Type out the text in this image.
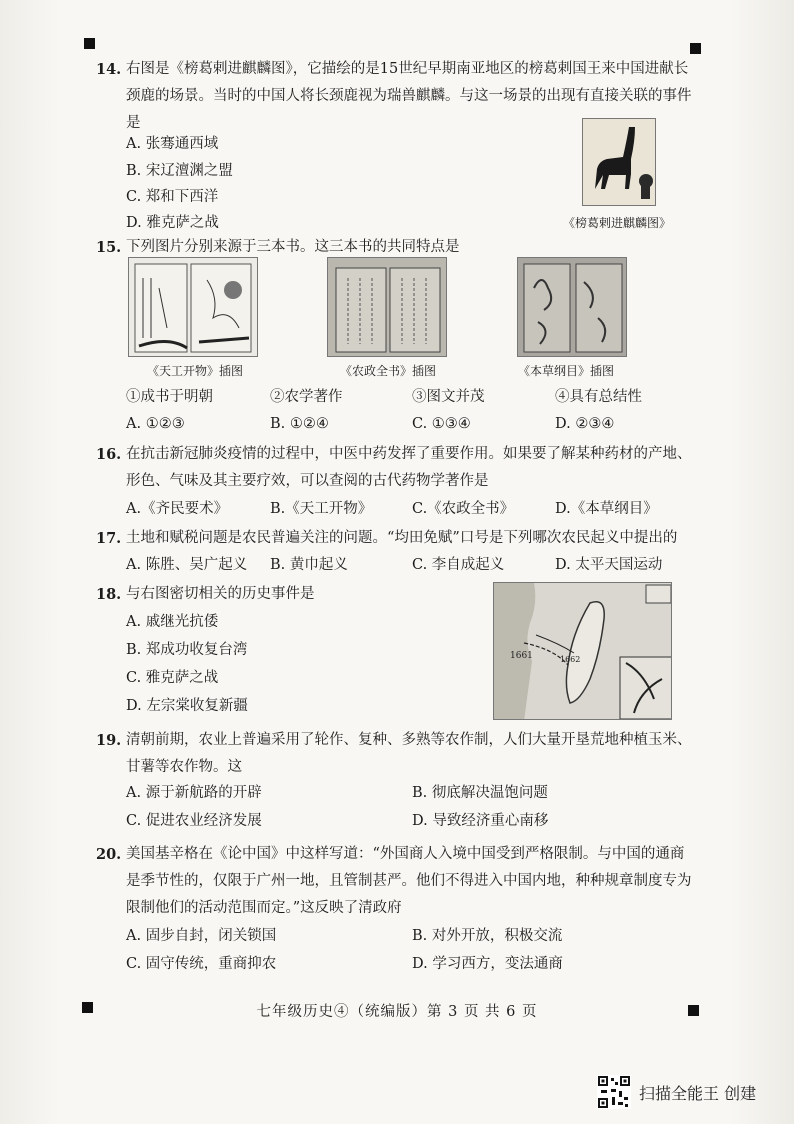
14. 右图是《榜葛剌进麒麟图》，它描绘的是15世纪早期南亚地区的榜葛剌国王来中国进献长颈鹿的场景。当时的中国人将长颈鹿视为瑞兽麒麟。与这一场景的出现有直接关联的事件是
A. 张骞通西域
B. 宋辽澶渊之盟
C. 郑和下西洋
D. 雅克萨之战	《榜葛剌进麒麟图》
15. 下列图片分别来源于三本书。这三本书的共同特点是
《天工开物》插图	《农政全书》插图	《本草纲目》插图
①成书于明朝	②农学著作	③图文并茂	④具有总结性
A. ①②③	B. ①②④	C. ①③④	D. ②③④
16. 在抗击新冠肺炎疫情的过程中，中医中药发挥了重要作用。如果要了解某种药材的产地、形色、气味及其主要疗效，可以查阅的古代药物学著作是
A.《齐民要术》	B.《天工开物》	C.《农政全书》	D.《本草纲目》
17. 土地和赋税问题是农民普遍关注的问题。“均田免赋”口号是下列哪次农民起义中提出的
A. 陈胜、吴广起义 B. 黄巾起义	C. 李自成起义	D. 太平天国运动
18. 与右图密切相关的历史事件是
A. 戚继光抗倭
B. 郑成功收复台湾
C. 雅克萨之战
D. 左宗棠收复新疆
1661	1662
19. 清朝前期，农业上普遍采用了轮作、复种、多熟等农作制，人们大量开垦荒地种植玉米、甘薯等农作物。这
A. 源于新航路的开辟	B. 彻底解决温饱问题
C. 促进农业经济发展	D. 导致经济重心南移
20. 美国基辛格在《论中国》中这样写道：“外国商人入境中国受到严格限制。与中国的通商是季节性的，仅限于广州一地，且管制甚严。他们不得进入中国内地，种种规章制度专为限制他们的活动范围而定。”这反映了清政府
A. 固步自封，闭关锁国	B. 对外开放，积极交流
C. 固守传统，重商抑农	D. 学习西方，变法通商
七年级历史④（统编版）第 3 页 共 6 页
扫描全能王 创建
